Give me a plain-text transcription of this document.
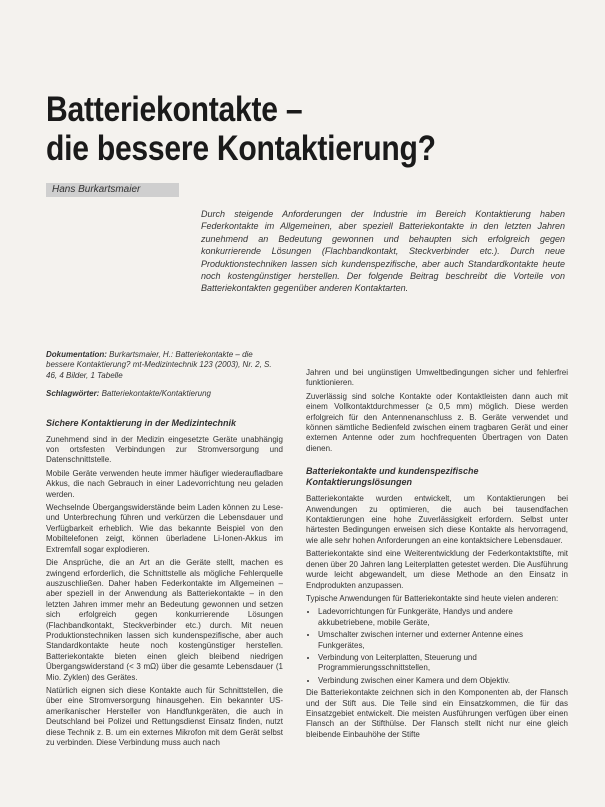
Batteriekontakte –
die bessere Kontaktierung?
Hans Burkartsmaier

Durch steigende Anforderungen der Industrie im Bereich Kontaktierung haben Federkontakte im Allgemeinen, aber speziell Batteriekontakte in den letzten Jahren zunehmend an Bedeutung gewonnen und behaupten sich erfolgreich gegen konkurrierende Lösungen (Flachbandkontakt, Steckverbinder etc.). Durch neue Produktionstechniken lassen sich kundenspezifische, aber auch Standardkontakte heute noch kostengünstiger herstellen. Der folgende Beitrag beschreibt die Vorteile von Batteriekontakten gegenüber anderen Kontaktarten.

Dokumentation: Burkartsmaier, H.: Batteriekontakte – die bessere Kontaktierung? mt-Medizintechnik 123 (2003), Nr. 2, S. 46, 4 Bilder, 1 Tabelle

Schlagwörter: Batteriekontakte/Kontaktierung

Sichere Kontaktierung in der Medizintechnik

Zunehmend sind in der Medizin eingesetzte Geräte unabhängig von ortsfesten Verbindungen zur Stromversorgung und Datenschnittstelle.

Mobile Geräte verwenden heute immer häufiger wiederaufladbare Akkus, die nach Gebrauch in einer Ladevorrichtung neu geladen werden.

Wechselnde Übergangswiderstände beim Laden können zu Lese- und Unterbrechung führen und verkürzen die Lebensdauer und Verfügbarkeit erheblich. Wie das bekannte Beispiel von den Mobiltelefonen zeigt, können überladene Li-Ionen-Akkus im Extremfall sogar explodieren.

Die Ansprüche, die an Art an die Geräte stellt, machen es zwingend erforderlich, die Schnittstelle als mögliche Fehlerquelle auszuschließen. Daher haben Federkontakte im Allgemeinen – aber speziell in der Anwendung als Batteriekontakte – in den letzten Jahren immer mehr an Bedeutung gewonnen und setzen sich erfolgreich gegen konkurrierende Lösungen (Flachbandkontakt, Steckverbinder etc.) durch. Mit neuen Produktionstechniken lassen sich kundenspezifische, aber auch Standardkontakte heute noch kostengünstiger herstellen. Batteriekontakte bieten einen gleich bleibend niedrigen Übergangswiderstand (< 3 mΩ) über die gesamte Lebensdauer (1 Mio. Zyklen) des Gerätes.

Natürlich eignen sich diese Kontakte auch für Schnittstellen, die über eine Stromversorgung hinausgehen. Ein bekannter US-amerikanischer Hersteller von Handfunkgeräten, die auch in Deutschland bei Polizei und Rettungsdienst Einsatz finden, nutzt diese Technik z. B. um ein externes Mikrofon mit dem Gerät selbst zu verbinden. Diese Verbindung muss auch nach

Jahren und bei ungünstigen Umweltbedingungen sicher und fehlerfrei funktionieren.

Zuverlässig sind solche Kontakte oder Kontaktleisten dann auch mit einem Vollkontaktdurchmesser (≥ 0,5 mm) möglich. Diese werden erfolgreich für den Antennenanschluss z. B. Geräte verwendet und können sämtliche Bedienfeld zwischen einem tragbaren Gerät und einer externen Antenne oder zum hochfrequenten Übertragen von Daten dienen.

Batteriekontakte und kundenspezifische Kontaktierungslösungen

Batteriekontakte wurden entwickelt, um Kontaktierungen bei Anwendungen zu optimieren, die auch bei tausendfachen Kontaktierungen eine hohe Zuverlässigkeit erfordern. Selbst unter härtesten Bedingungen erweisen sich diese Kontakte als hervorragend, wie alle sehr hohen Anforderungen an eine kontaktsichere Lebensdauer.

Batteriekontakte sind eine Weiterentwicklung der Federkontaktstifte, mit denen über 20 Jahren lang Leiterplatten getestet werden. Die Ausführung wurde leicht abgewandelt, um diese Methode an den Einsatz in Endprodukten anzupassen.

Typische Anwendungen für Batteriekontakte sind heute vielen anderen:

• Ladevorrichtungen für Funkgeräte, Handys und andere akkubetriebene, mobile Geräte,
• Umschalter zwischen interner und externer Antenne eines Funkgerätes,
• Verbindung von Leiterplatten, Steuerung und Programmierungsschnittstellen,
• Verbindung zwischen einer Kamera und dem Objektiv.

Die Batteriekontakte zeichnen sich in den Komponenten ab, der Flansch und der Stift aus. Die Teile sind ein Einsatzkommen, die für das Einsatzgebiet entwickelt. Die meisten Ausführungen verfügen über einen Flansch an der Stifthülse. Der Flansch stellt nicht nur eine gleich bleibende Einbauhöhe der Stifte
